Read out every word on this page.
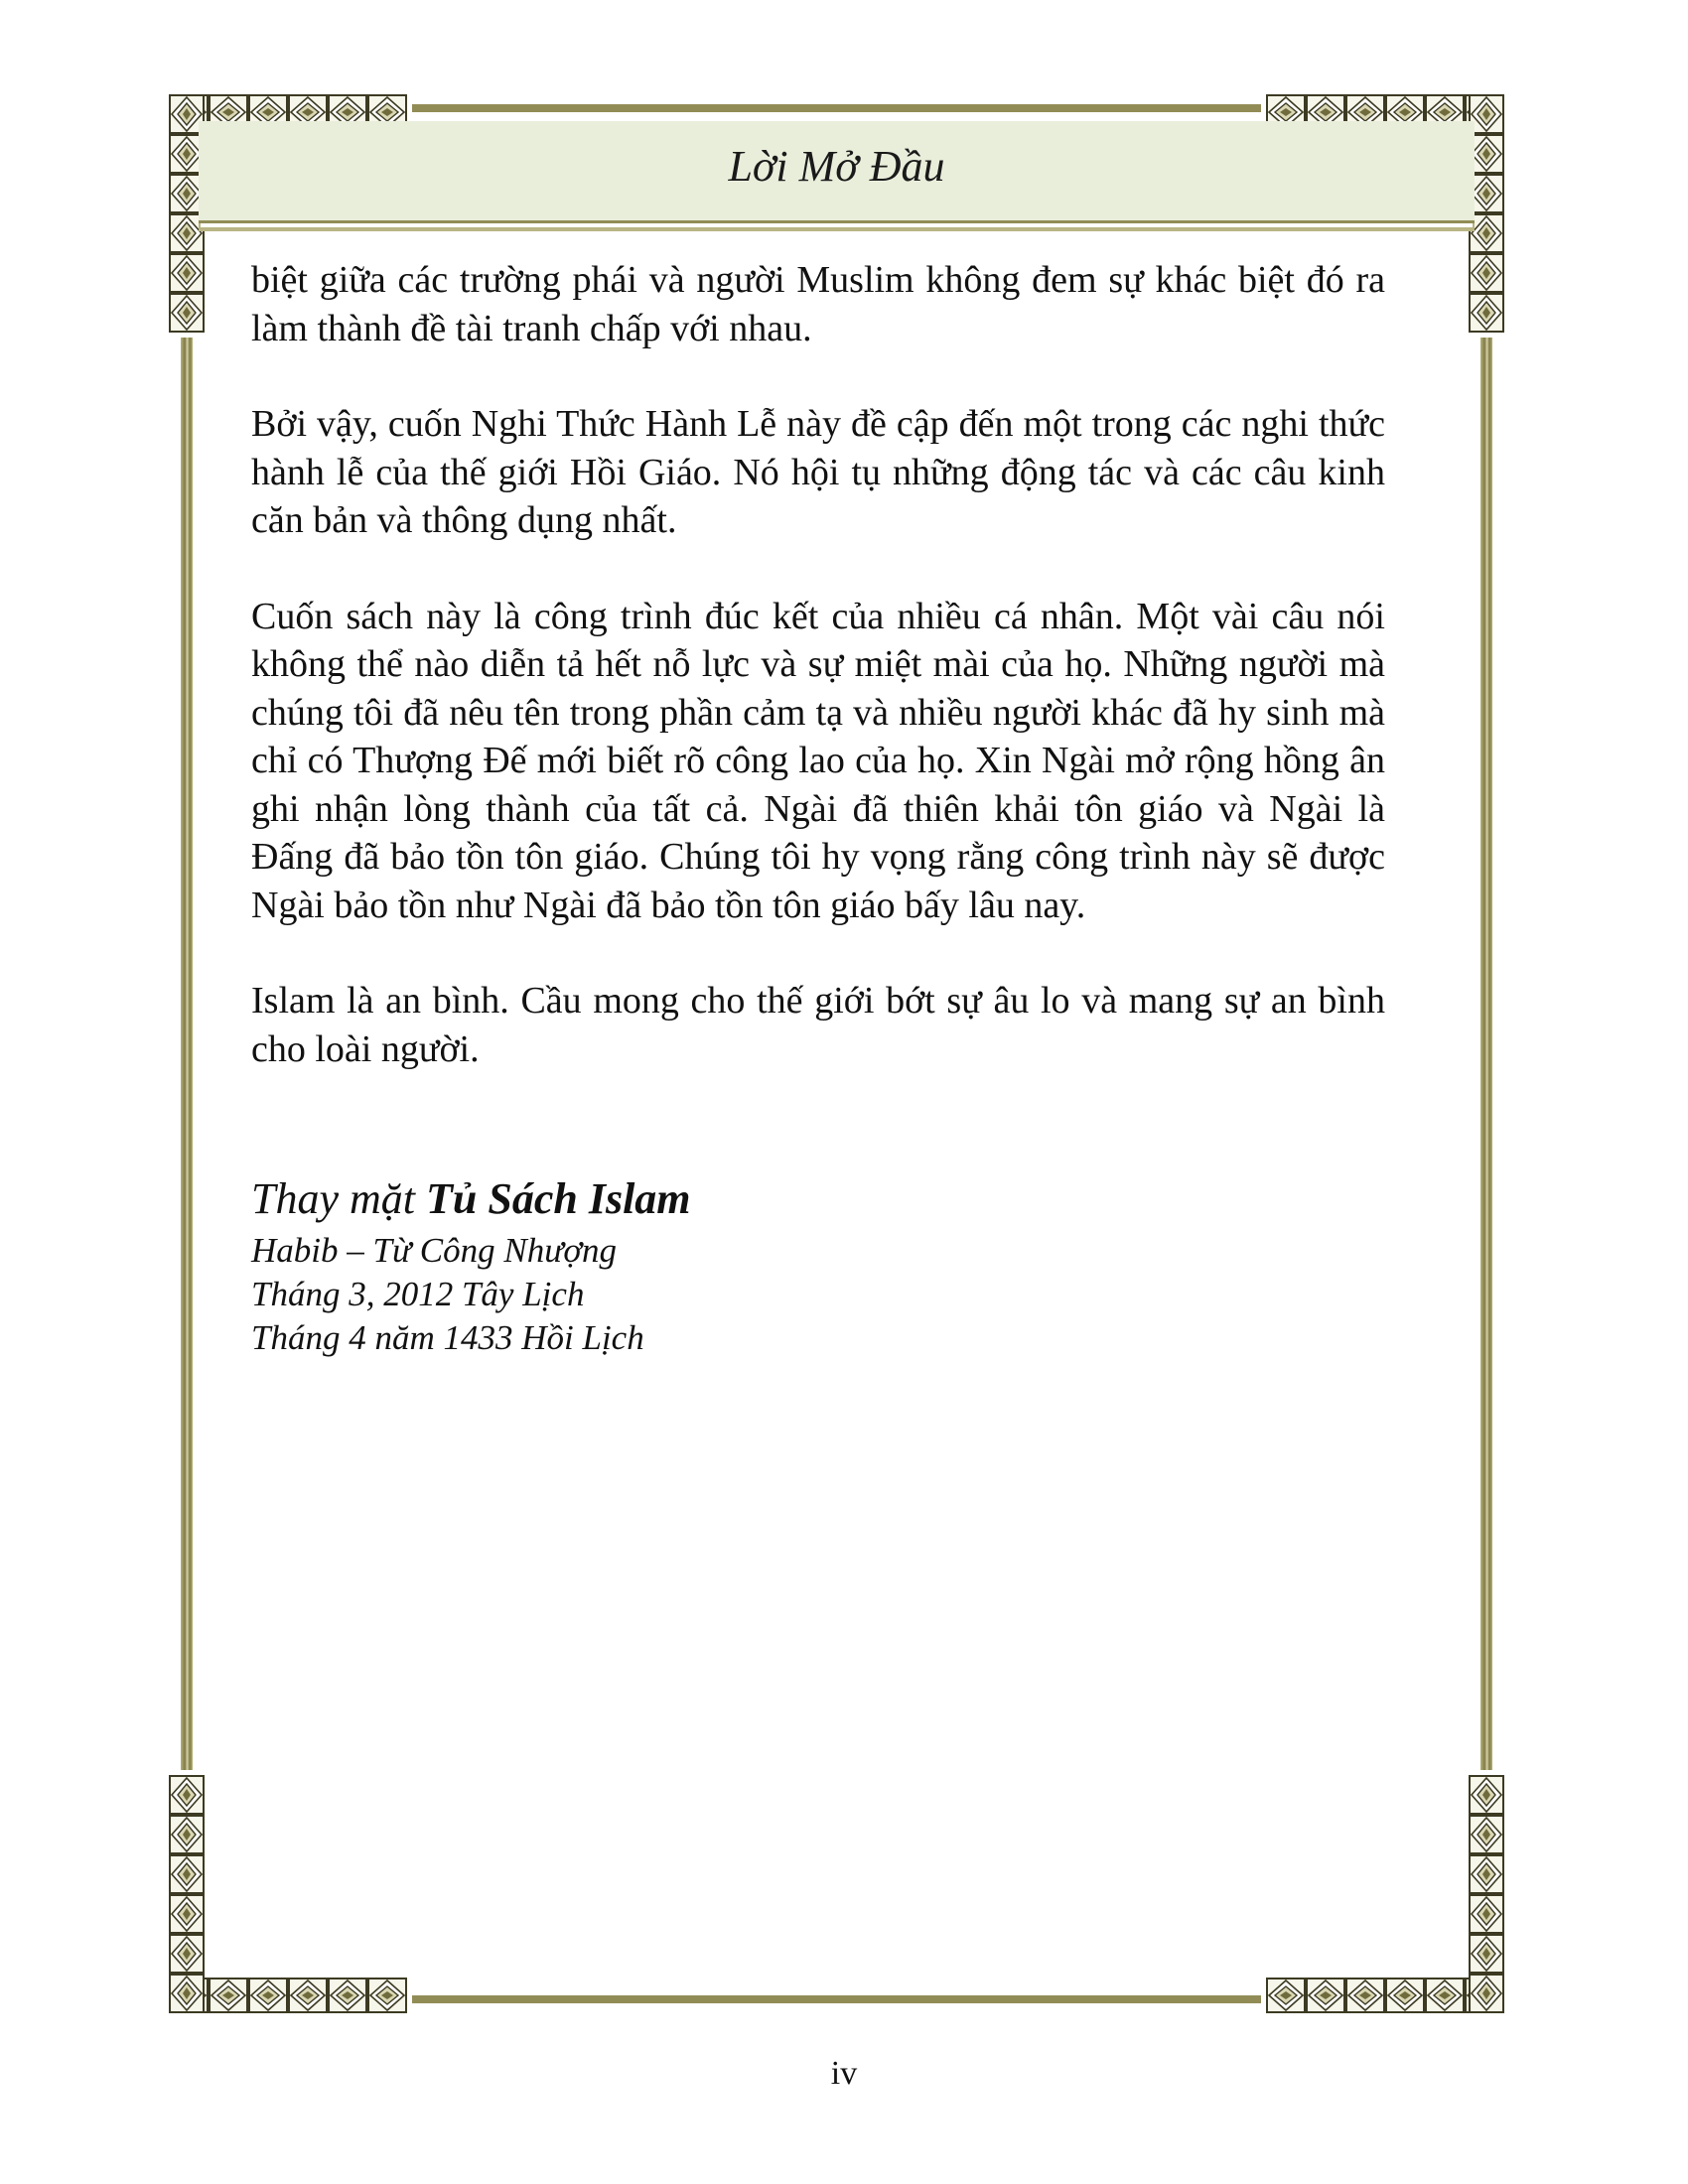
Lời Mở Đầu

biệt giữa các trường phái và người Muslim không đem sự khác biệt đó ra làm thành đề tài tranh chấp với nhau.

Bởi vậy, cuốn Nghi Thức Hành Lễ này đề cập đến một trong các nghi thức hành lễ của thế giới Hồi Giáo. Nó hội tụ những động tác và các câu kinh căn bản và thông dụng nhất.

Cuốn sách này là công trình đúc kết của nhiều cá nhân. Một vài câu nói không thể nào diễn tả hết nỗ lực và sự miệt mài của họ. Những người mà chúng tôi đã nêu tên trong phần cảm tạ và nhiều người khác đã hy sinh mà chỉ có Thượng Đế mới biết rõ công lao của họ. Xin Ngài mở rộng hồng ân ghi nhận lòng thành của tất cả. Ngài đã thiên khải tôn giáo và Ngài là Đấng đã bảo tồn tôn giáo. Chúng tôi hy vọng rằng công trình này sẽ được Ngài bảo tồn như Ngài đã bảo tồn tôn giáo bấy lâu nay.

Islam là an bình. Cầu mong cho thế giới bớt sự âu lo và mang sự an bình cho loài người.

Thay mặt Tủ Sách Islam
Habib – Từ Công Nhượng
Tháng 3, 2012 Tây Lịch
Tháng 4 năm 1433 Hồi Lịch
iv
